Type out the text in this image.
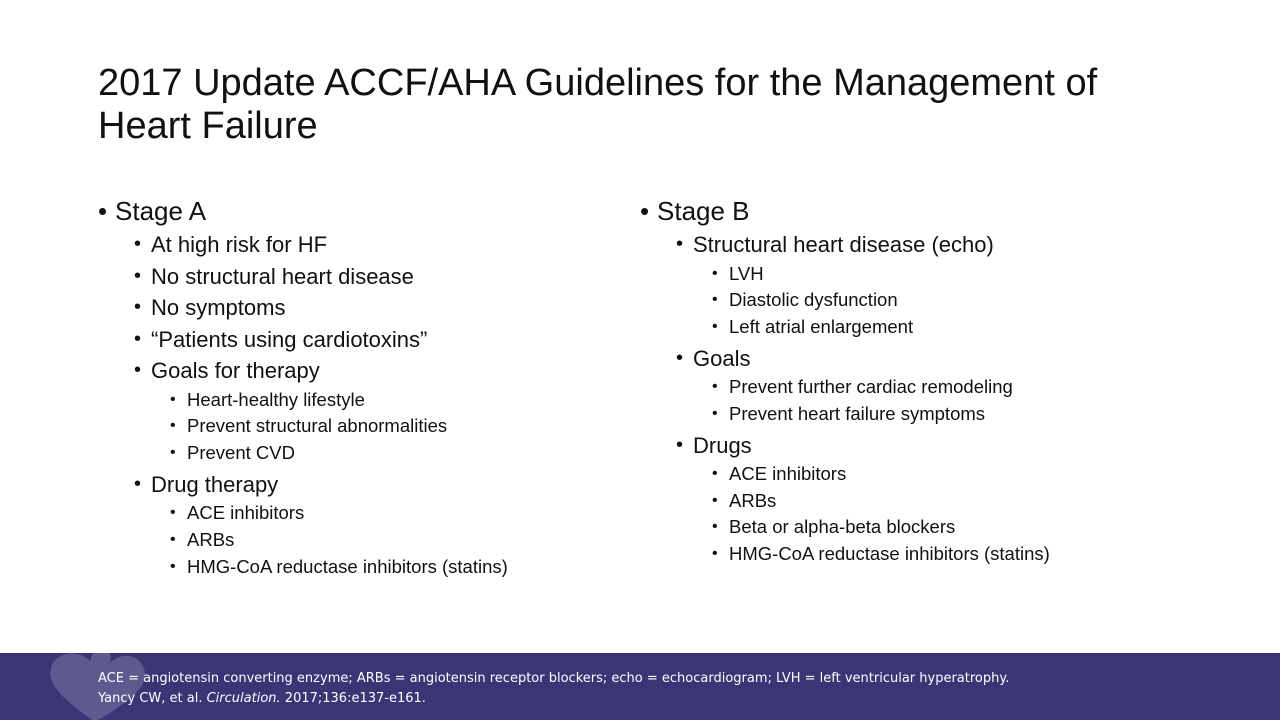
2017 Update ACCF/AHA Guidelines for the Management of Heart Failure
• Stage A
• At high risk for HF
• No structural heart disease
• No symptoms
• “Patients using cardiotoxins”
• Goals for therapy
• Heart-healthy lifestyle
• Prevent structural abnormalities
• Prevent CVD
• Drug therapy
• ACE inhibitors
• ARBs
• HMG-CoA reductase inhibitors (statins)
• Stage B
• Structural heart disease (echo)
• LVH
• Diastolic dysfunction
• Left atrial enlargement
• Goals
• Prevent further cardiac remodeling
• Prevent heart failure symptoms
• Drugs
• ACE inhibitors
• ARBs
• Beta or alpha-beta blockers
• HMG-CoA reductase inhibitors (statins)
ACE = angiotensin converting enzyme; ARBs = angiotensin receptor blockers; echo = echocardiogram; LVH = left ventricular hyperatrophy.
Yancy CW, et al. Circulation. 2017;136:e137-e161.
